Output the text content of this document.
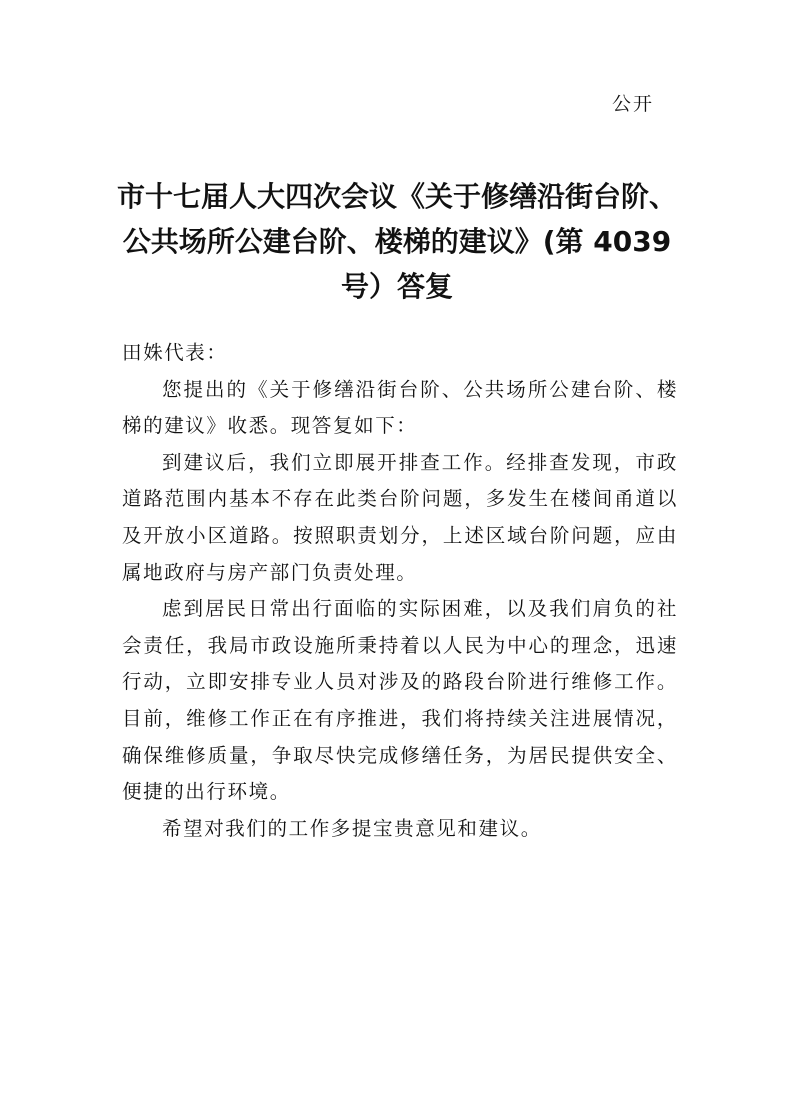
公开
市十七届人大四次会议《关于修缮沿街台阶、
公共场所公建台阶、楼梯的建议》(第 4039
号）答复

田姝代表：

您提出的《关于修缮沿街台阶、公共场所公建台阶、楼梯的建议》收悉。现答复如下：

到建议后，我们立即展开排查工作。经排查发现，市政道路范围内基本不存在此类台阶问题，多发生在楼间甬道以及开放小区道路。按照职责划分，上述区域台阶问题，应由属地政府与房产部门负责处理。

虑到居民日常出行面临的实际困难，以及我们肩负的社会责任，我局市政设施所秉持着以人民为中心的理念，迅速行动，立即安排专业人员对涉及的路段台阶进行维修工作。目前，维修工作正在有序推进，我们将持续关注进展情况，确保维修质量，争取尽快完成修缮任务，为居民提供安全、便捷的出行环境。

希望对我们的工作多提宝贵意见和建议。
